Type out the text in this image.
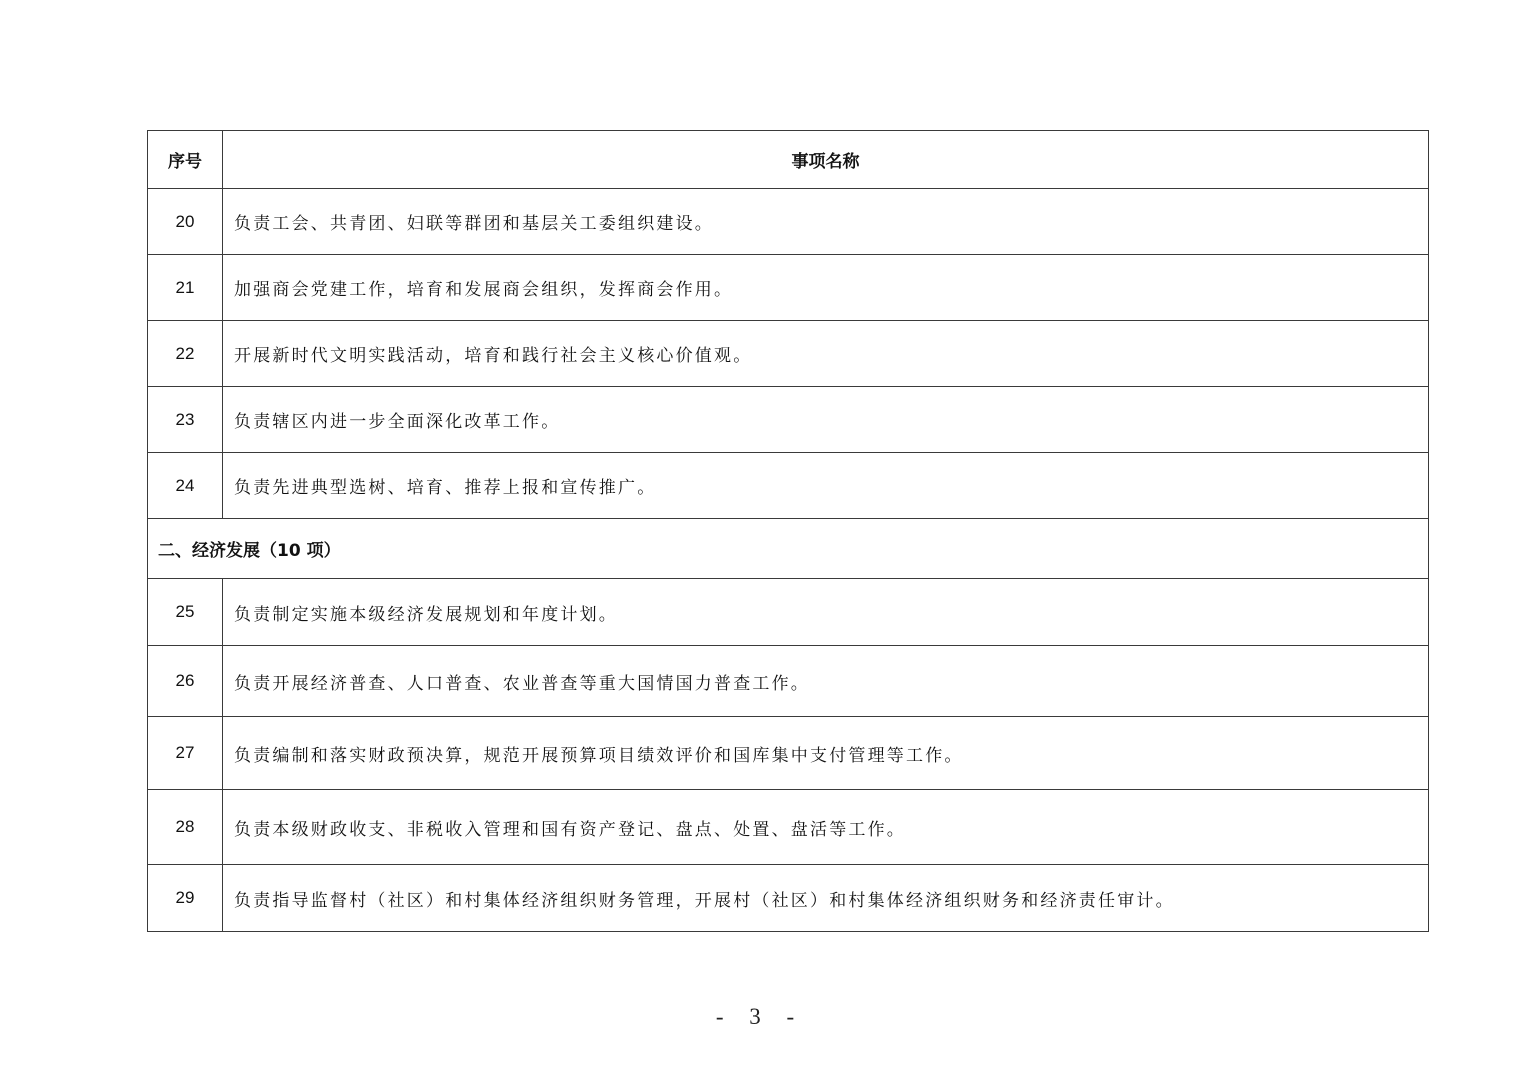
序号	事项名称
20	负责工会、共青团、妇联等群团和基层关工委组织建设。
21	加强商会党建工作，培育和发展商会组织，发挥商会作用。
22	开展新时代文明实践活动，培育和践行社会主义核心价值观。
23	负责辖区内进一步全面深化改革工作。
24	负责先进典型选树、培育、推荐上报和宣传推广。
二、经济发展（10 项）	
25	负责制定实施本级经济发展规划和年度计划。
26	负责开展经济普查、人口普查、农业普查等重大国情国力普查工作。
27	负责编制和落实财政预决算，规范开展预算项目绩效评价和国库集中支付管理等工作。
28	负责本级财政收支、非税收入管理和国有资产登记、盘点、处置、盘活等工作。
29	负责指导监督村（社区）和村集体经济组织财务管理，开展村（社区）和村集体经济组织财务和经济责任审计。
- 3 -
